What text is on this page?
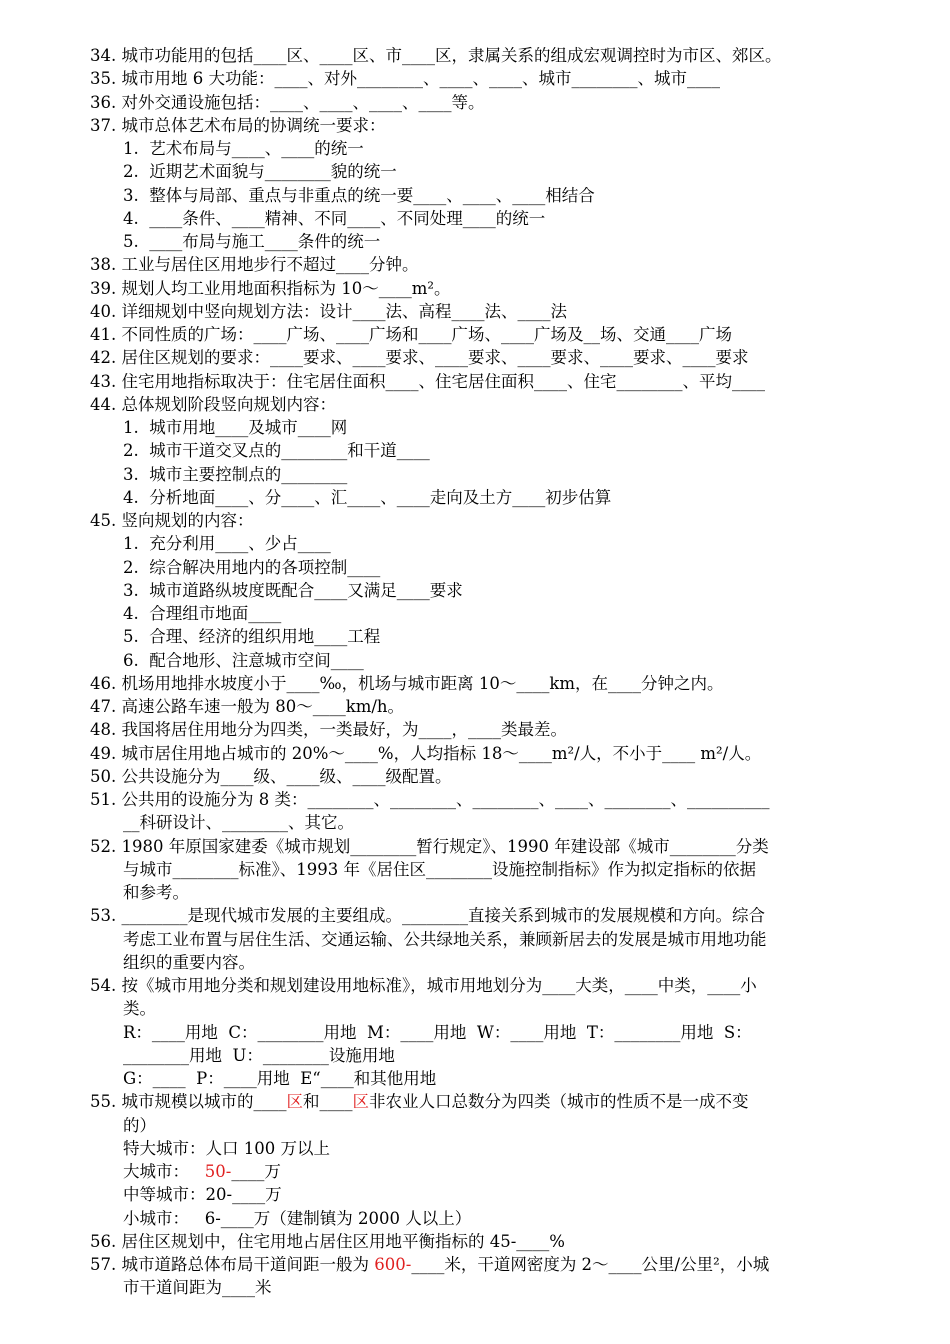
34. 城市功能用的包括____区、____区、市____区，隶属关系的组成宏观调控时为市区、郊区。
35. 城市用地 6 大功能：____、对外________、____、____、城市________、城市____
36. 对外交通设施包括：____、____、____、____等。
37. 城市总体艺术布局的协调统一要求：
1.  艺术布局与____、____的统一
2.  近期艺术面貌与________貌的统一
3.  整体与局部、重点与非重点的统一要____、____、____相结合
4.  ____条件、____精神、不同____、不同处理____的统一
5.  ____布局与施工____条件的统一
38. 工业与居住区用地步行不超过____分钟。
39. 规划人均工业用地面积指标为 10～____m²。
40. 详细规划中竖向规划方法：设计____法、高程____法、____法
41. 不同性质的广场：____广场、____广场和____广场、____广场及__场、交通____广场
42. 居住区规划的要求：____要求、____要求、____要求、____要求、____要求、____要求
43. 住宅用地指标取决于：住宅居住面积____、住宅居住面积____、住宅________、平均____
44. 总体规划阶段竖向规划内容：
1.  城市用地____及城市____网
2.  城市干道交叉点的________和干道____
3.  城市主要控制点的________
4.  分析地面____、分____、汇____、____走向及土方____初步估算
45. 竖向规划的内容：
1.  充分利用____、少占____
2.  综合解决用地内的各项控制____
3.  城市道路纵坡度既配合____又满足____要求
4.  合理组市地面____
5.  合理、经济的组织用地____工程
6.  配合地形、注意城市空间____
46. 机场用地排水坡度小于____‰，机场与城市距离 10～____km，在____分钟之内。
47. 高速公路车速一般为 80～____km/h。
48. 我国将居住用地分为四类，一类最好，为____，____类最差。
49. 城市居住用地占城市的 20%～____%，人均指标 18～____m²/人，不小于____ m²/人。
50. 公共设施分为____级、____级、____级配置。
51. 公共用的设施分为 8 类：________、________、________、____、________、__________
__科研设计、________、其它。
52. 1980 年原国家建委《城市规划________暂行规定》、1990 年建设部《城市________分类
与城市________标准》、1993 年《居住区________设施控制指标》作为拟定指标的依据
和参考。
53. ________是现代城市发展的主要组成。________直接关系到城市的发展规模和方向。综合
考虑工业布置与居住生活、交通运输、公共绿地关系，兼顾新居去的发展是城市用地功能
组织的重要内容。
54. 按《城市用地分类和规划建设用地标准》，城市用地划分为____大类，____中类，____小
类。
R：____用地  C：________用地  M：____用地  W：____用地  T：________用地  S：
________用地  U：________设施用地
G：____  P：____用地  E“____和其他用地
55. 城市规模以城市的____区和____区非农业人口总数分为四类（城市的性质不是一成不变
的）
特大城市：人口 100 万以上
大城市：   50-____万
中等城市：20-____万
小城市：   6-____万（建制镇为 2000 人以上）
56. 居住区规划中，住宅用地占居住区用地平衡指标的 45-____%
57. 城市道路总体布局干道间距一般为 600-____米，干道网密度为 2～____公里/公里²，小城
市干道间距为____米
